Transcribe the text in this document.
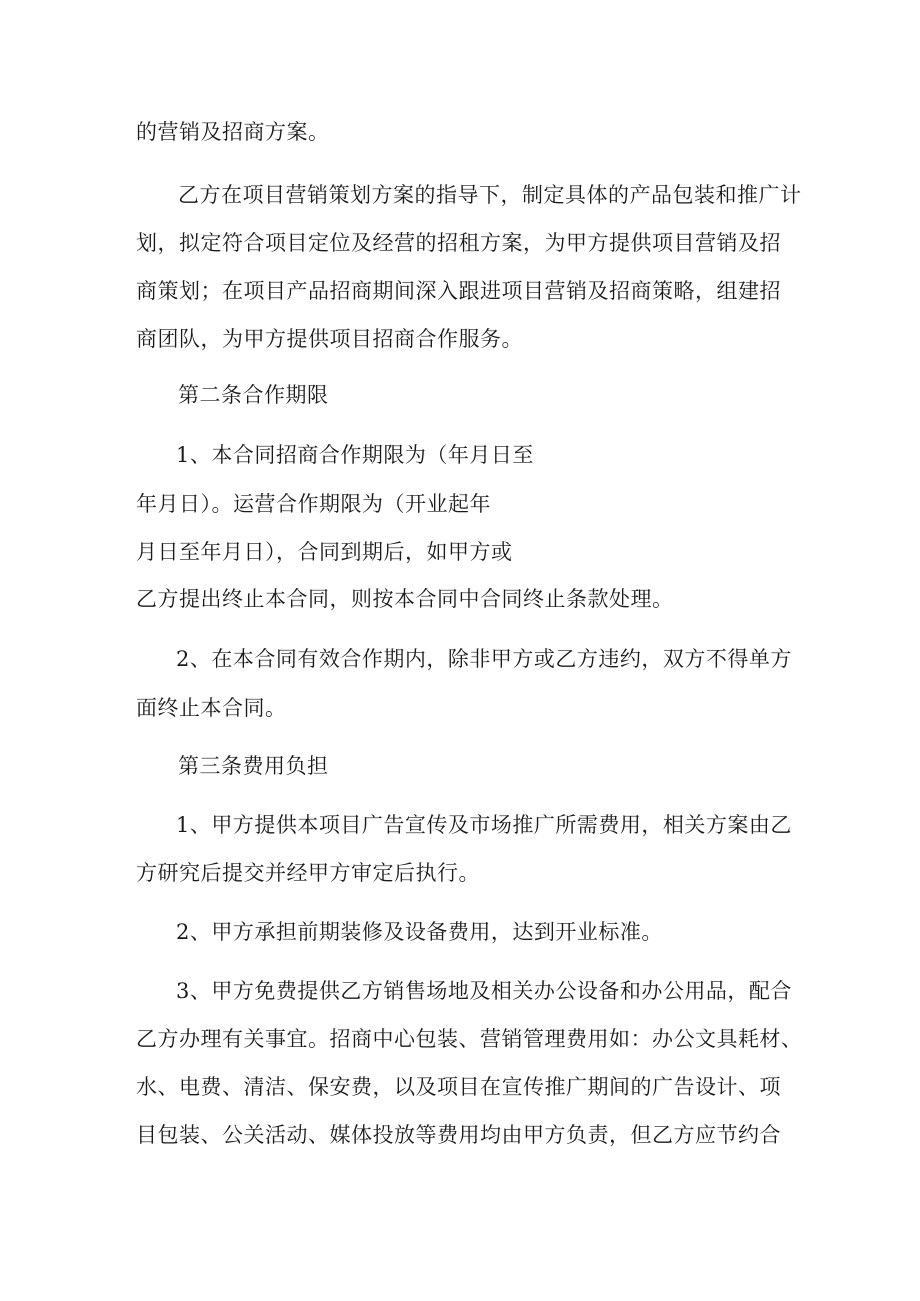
的营销及招商方案。
乙方在项目营销策划方案的指导下，制定具体的产品包装和推广计
划，拟定符合项目定位及经营的招租方案，为甲方提供项目营销及招
商策划；在项目产品招商期间深入跟进项目营销及招商策略，组建招
商团队，为甲方提供项目招商合作服务。
第二条合作期限
1、本合同招商合作期限为（年月日至
年月日）。运营合作期限为（开业起年
月日至年月日），合同到期后，如甲方或
乙方提出终止本合同，则按本合同中合同终止条款处理。
2、在本合同有效合作期内，除非甲方或乙方违约，双方不得单方
面终止本合同。
第三条费用负担
1、甲方提供本项目广告宣传及市场推广所需费用，相关方案由乙
方研究后提交并经甲方审定后执行。
2、甲方承担前期装修及设备费用，达到开业标准。
3、甲方免费提供乙方销售场地及相关办公设备和办公用品，配合
乙方办理有关事宜。招商中心包装、营销管理费用如：办公文具耗材、
水、电费、清洁、保安费，以及项目在宣传推广期间的广告设计、项
目包装、公关活动、媒体投放等费用均由甲方负责，但乙方应节约合
